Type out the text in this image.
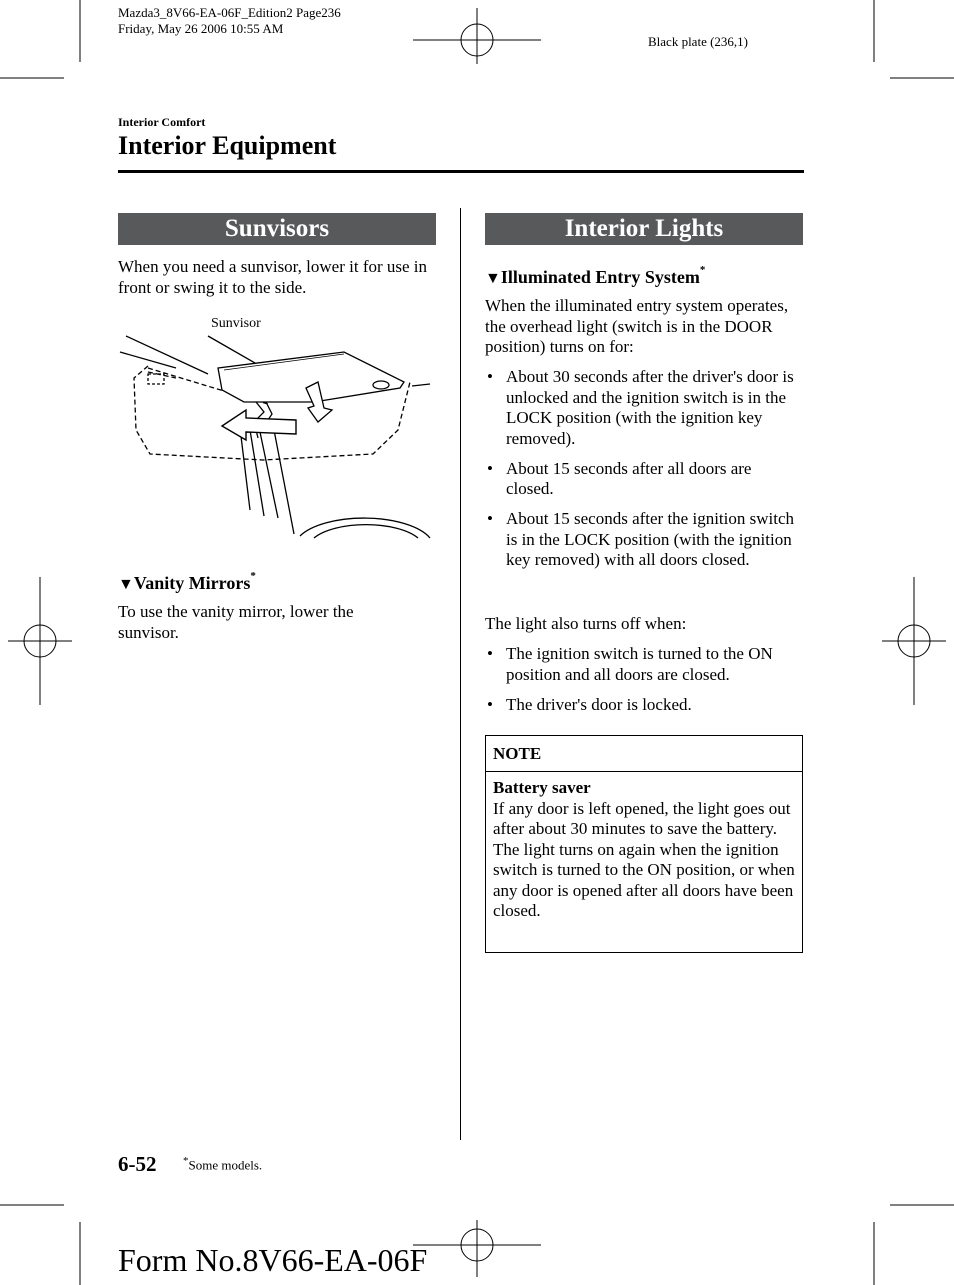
Mazda3_8V66-EA-06F_Edition2 Page236
Friday, May 26 2006 10:55 AM
Black plate (236,1)
Interior Comfort
Interior Equipment
Sunvisors

When you need a sunvisor, lower it for use in front or swing it to the side.

Sunvisor
▼Vanity Mirrors*

To use the vanity mirror, lower the sunvisor.

Interior Lights
▼Illuminated Entry System*

When the illuminated entry system operates, the overhead light (switch is in the DOOR position) turns on for:

• About 30 seconds after the driver's door is unlocked and the ignition switch is in the LOCK position (with the ignition key removed).
• About 15 seconds after all doors are closed.
• About 15 seconds after the ignition switch is in the LOCK position (with the ignition key removed) with all doors closed.

The light also turns off when:

• The ignition switch is turned to the ON position and all doors are closed.
• The driver's door is locked.
NOTE
Battery saver
If any door is left opened, the light goes out after about 30 minutes to save the battery.
The light turns on again when the ignition switch is turned to the ON position, or when any door is opened after all doors have been closed.
6-52 *Some models.
Form No.8V66-EA-06F
